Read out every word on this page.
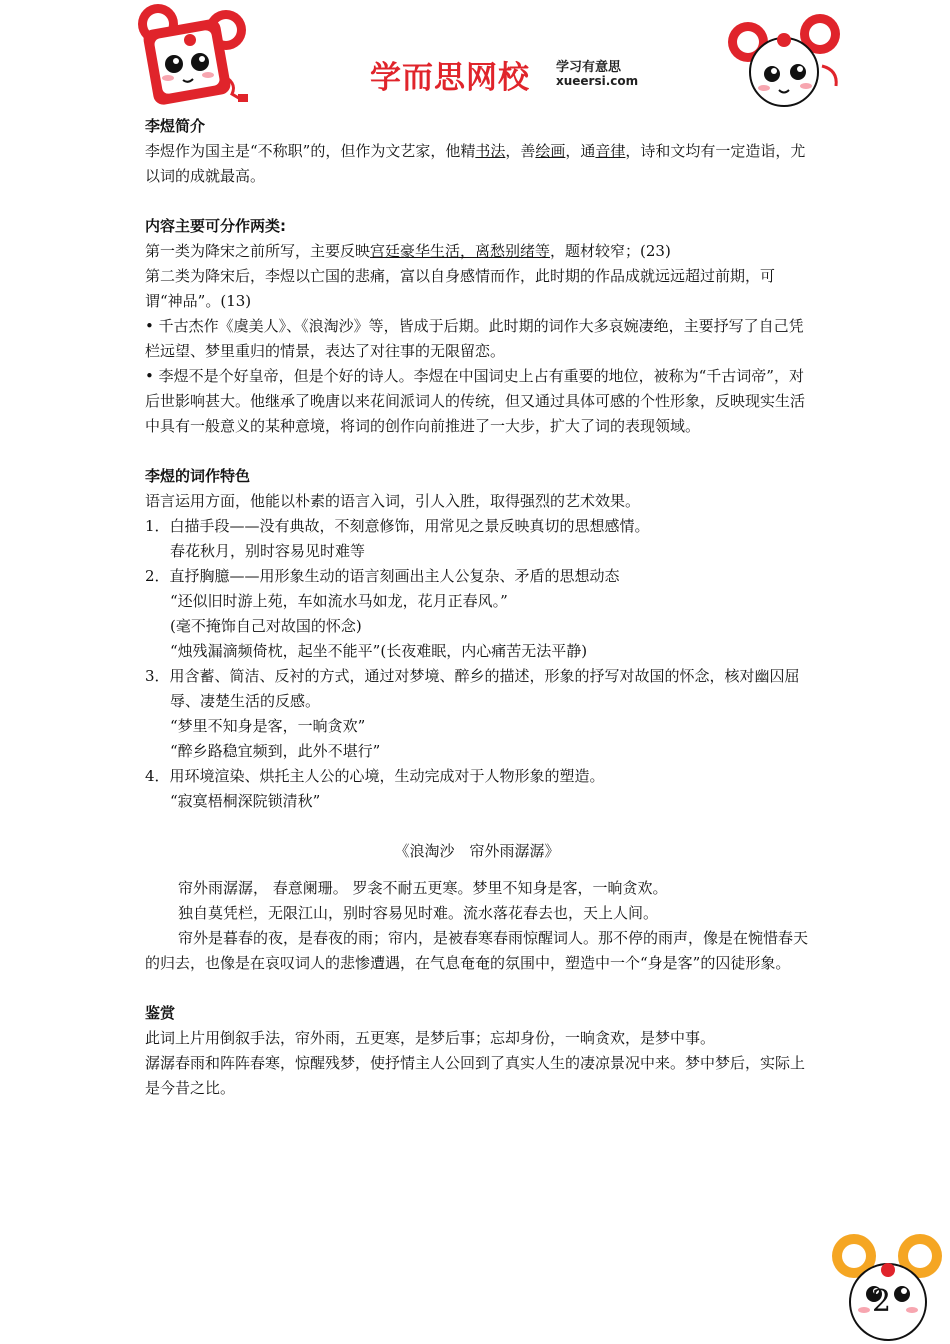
学而思网校 学习有意思
xueersi.com

李煜简介

李煜作为国主是“不称职”的，但作为文艺家，他精书法，善绘画，通音律，诗和文均有一定造诣，尤以词的成就最高。

内容主要可分作两类:

第一类为降宋之前所写，主要反映宫廷豪华生活，离愁别绪等，题材较窄；(23)

第二类为降宋后，李煜以亡国的悲痛，富以自身感情而作，此时期的作品成就远远超过前期，可谓“神品”。(13)

• 千古杰作《虞美人》、《浪淘沙》等，皆成于后期。此时期的词作大多哀婉凄绝，主要抒写了自己凭栏远望、梦里重归的情景，表达了对往事的无限留恋。

• 李煜不是个好皇帝，但是个好的诗人。李煜在中国词史上占有重要的地位，被称为“千古词帝”，对后世影响甚大。他继承了晚唐以来花间派词人的传统，但又通过具体可感的个性形象，反映现实生活中具有一般意义的某种意境，将词的创作向前推进了一大步，扩大了词的表现领域。

李煜的词作特色

语言运用方面，他能以朴素的语言入词，引人入胜，取得强烈的艺术效果。

1．白描手段——没有典故，不刻意修饰，用常见之景反映真切的思想感情。

春花秋月，别时容易见时难等

2．直抒胸臆——用形象生动的语言刻画出主人公复杂、矛盾的思想动态

“还似旧时游上苑，车如流水马如龙，花月正春风。”

(毫不掩饰自己对故国的怀念)

“烛残漏滴频倚枕，起坐不能平”(长夜难眠，内心痛苦无法平静)

3．用含蓄、简洁、反衬的方式，通过对梦境、醉乡的描述，形象的抒写对故国的怀念，核对幽囚屈辱、凄楚生活的反感。

“梦里不知身是客，一晌贪欢”

“醉乡路稳宜频到，此外不堪行”

4．用环境渲染、烘托主人公的心境，生动完成对于人物形象的塑造。

“寂寞梧桐深院锁清秋”

《浪淘沙　帘外雨潺潺》

帘外雨潺潺， 春意阑珊。 罗衾不耐五更寒。梦里不知身是客，一晌贪欢。

独自莫凭栏，无限江山，别时容易见时难。流水落花春去也，天上人间。

帘外是暮春的夜，是春夜的雨；帘内，是被春寒春雨惊醒词人。那不停的雨声，像是在惋惜春天的归去，也像是在哀叹词人的悲惨遭遇，在气息奄奄的氛围中，塑造中一个“身是客”的囚徒形象。

鉴赏

此词上片用倒叙手法，帘外雨，五更寒，是梦后事；忘却身份，一晌贪欢，是梦中事。

潺潺春雨和阵阵春寒，惊醒残梦，使抒情主人公回到了真实人生的凄凉景况中来。梦中梦后，实际上是今昔之比。

2
